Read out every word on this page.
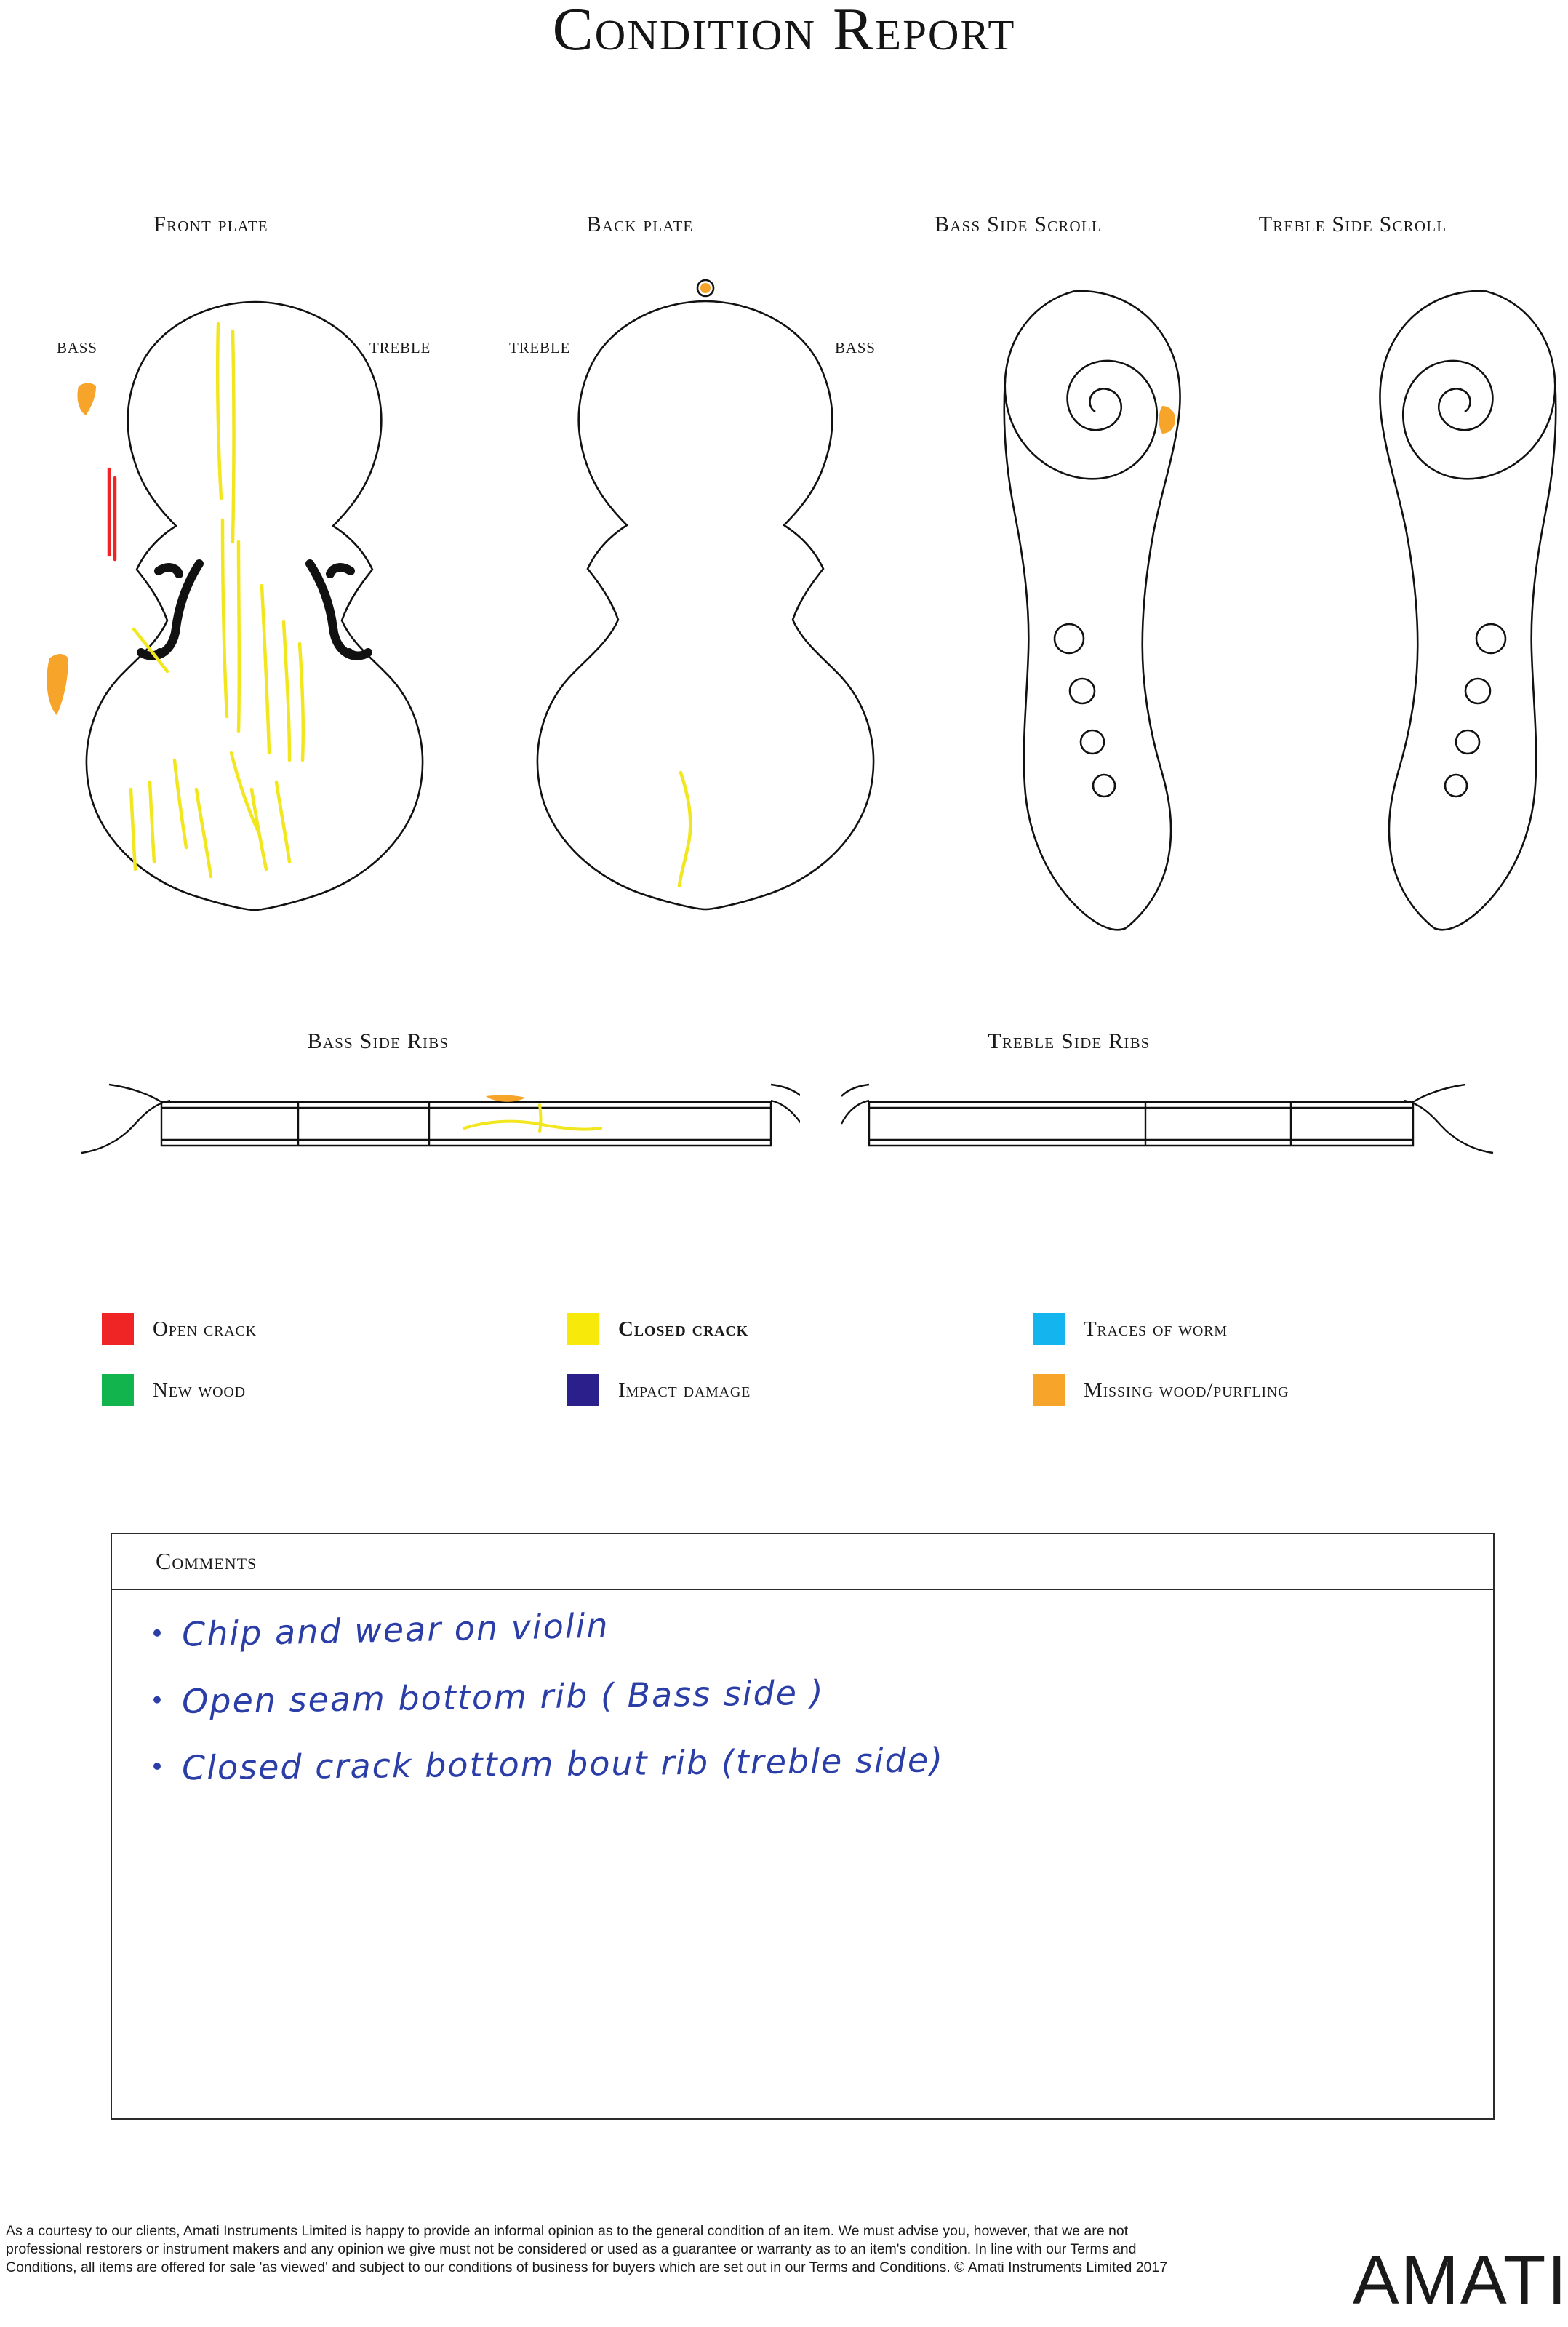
Condition Report
Front plate	Back plate	Bass Side Scroll	Treble Side Scroll
BASS	TREBLE	TREBLE	BASS
Bass Side Ribs	Treble Side Ribs
Open crack	Closed crack	Traces of worm
New wood	Impact damage	Missing wood/purfling
Comments
• Chip and wear on violin
• Open seam bottom rib ( Bass side )
• Closed crack bottom bout rib (treble side)
As a courtesy to our clients, Amati Instruments Limited is happy to provide an informal opinion as to the general condition of an item. We must advise you, however, that we are not professional restorers or instrument makers and any opinion we give must not be considered or used as a guarantee or warranty as to an item's condition. In line with our Terms and Conditions, all items are offered for sale 'as viewed' and subject to our conditions of business for buyers which are set out in our Terms and Conditions. © Amati Instruments Limited 2017	AMATI
